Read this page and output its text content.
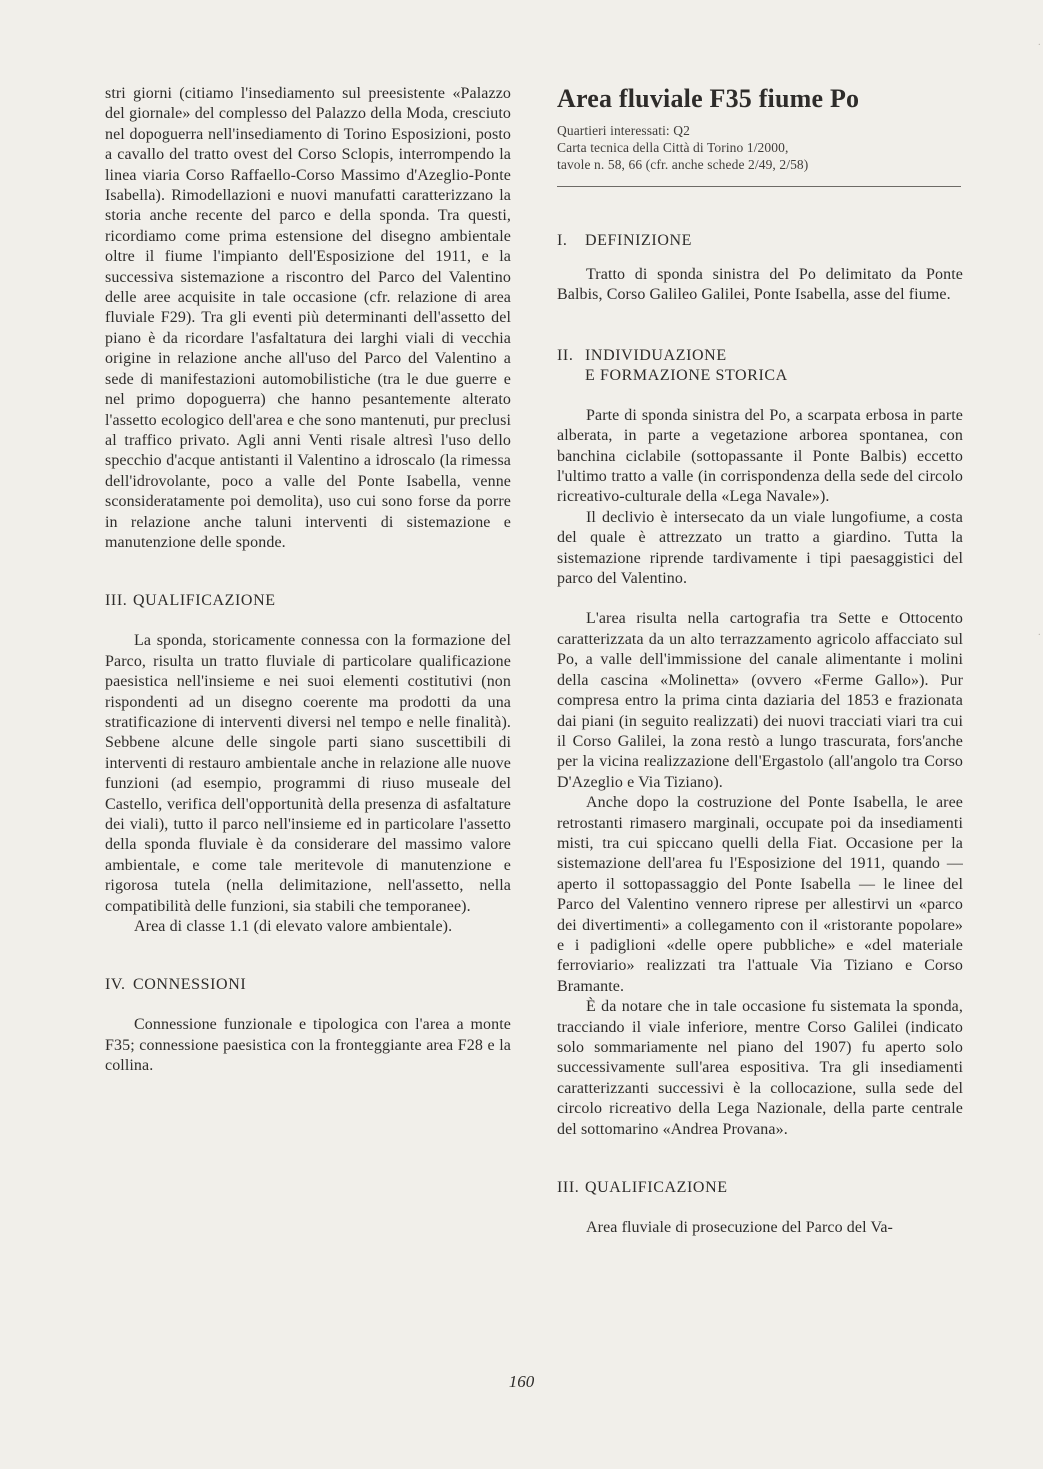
stri giorni (citiamo l'insediamento sul preesistente «Palazzo del giornale» del complesso del Palazzo della Moda, cresciuto nel dopoguerra nell'insediamento di Torino Esposizioni, posto a cavallo del tratto ovest del Corso Sclopis, interrompendo la linea viaria Corso Raffaello-Corso Massimo d'Azeglio-Ponte Isabella). Rimodellazioni e nuovi manufatti caratterizzano la storia anche recente del parco e della sponda. Tra questi, ricordiamo come prima estensione del disegno ambientale oltre il fiume l'impianto dell'Esposizione del 1911, e la successiva sistemazione a riscontro del Parco del Valentino delle aree acquisite in tale occasione (cfr. relazione di area fluviale F29). Tra gli eventi più determinanti dell'assetto del piano è da ricordare l'asfaltatura dei larghi viali di vecchia origine in relazione anche all'uso del Parco del Valentino a sede di manifestazioni automobilistiche (tra le due guerre e nel primo dopoguerra) che hanno pesantemente alterato l'assetto ecologico dell'area e che sono mantenuti, pur preclusi al traffico privato. Agli anni Venti risale altresì l'uso dello specchio d'acque antistanti il Valentino a idroscalo (la rimessa dell'idrovolante, poco a valle del Ponte Isabella, venne sconsideratamente poi demolita), uso cui sono forse da porre in relazione anche taluni interventi di sistemazione e manutenzione delle sponde.

III. QUALIFICAZIONE

La sponda, storicamente connessa con la formazione del Parco, risulta un tratto fluviale di particolare qualificazione paesistica nell'insieme e nei suoi elementi costitutivi (non rispondenti ad un disegno coerente ma prodotti da una stratificazione di interventi diversi nel tempo e nelle finalità). Sebbene alcune delle singole parti siano suscettibili di interventi di restauro ambientale anche in relazione alle nuove funzioni (ad esempio, programmi di riuso museale del Castello, verifica dell'opportunità della presenza di asfaltature dei viali), tutto il parco nell'insieme ed in particolare l'assetto della sponda fluviale è da considerare del massimo valore ambientale, e come tale meritevole di manutenzione e rigorosa tutela (nella delimitazione, nell'assetto, nella compatibilità delle funzioni, sia stabili che temporanee).

Area di classe 1.1 (di elevato valore ambientale).

IV. CONNESSIONI

Connessione funzionale e tipologica con l'area a monte F35; connessione paesistica con la fronteggiante area F28 e la collina.

Area fluviale F35 fiume Po

Quartieri interessati: Q2

Carta tecnica della Città di Torino 1/2000,

tavole n. 58, 66 (cfr. anche schede 2/49, 2/58)

I. DEFINIZIONE

Tratto di sponda sinistra del Po delimitato da Ponte Balbis, Corso Galileo Galilei, Ponte Isabella, asse del fiume.

II. INDIVIDUAZIONE
E FORMAZIONE STORICA

Parte di sponda sinistra del Po, a scarpata erbosa in parte alberata, in parte a vegetazione arborea spontanea, con banchina ciclabile (sottopassante il Ponte Balbis) eccetto l'ultimo tratto a valle (in corrispondenza della sede del circolo ricreativo-culturale della «Lega Navale»).

Il declivio è intersecato da un viale lungofiume, a costa del quale è attrezzato un tratto a giardino. Tutta la sistemazione riprende tardivamente i tipi paesaggistici del parco del Valentino.

L'area risulta nella cartografia tra Sette e Ottocento caratterizzata da un alto terrazzamento agricolo affacciato sul Po, a valle dell'immissione del canale alimentante i molini della cascina «Molinetta» (ovvero «Ferme Gallo»). Pur compresa entro la prima cinta daziaria del 1853 e frazionata dai piani (in seguito realizzati) dei nuovi tracciati viari tra cui il Corso Galilei, la zona restò a lungo trascurata, fors'anche per la vicina realizzazione dell'Ergastolo (all'angolo tra Corso D'Azeglio e Via Tiziano).

Anche dopo la costruzione del Ponte Isabella, le aree retrostanti rimasero marginali, occupate poi da insediamenti misti, tra cui spiccano quelli della Fiat. Occasione per la sistemazione dell'area fu l'Esposizione del 1911, quando — aperto il sottopassaggio del Ponte Isabella — le linee del Parco del Valentino vennero riprese per allestirvi un «parco dei divertimenti» a collegamento con il «ristorante popolare» e i padiglioni «delle opere pubbliche» e «del materiale ferroviario» realizzati tra l'attuale Via Tiziano e Corso Bramante.

È da notare che in tale occasione fu sistemata la sponda, tracciando il viale inferiore, mentre Corso Galilei (indicato solo sommariamente nel piano del 1907) fu aperto solo successivamente sull'area espositiva. Tra gli insediamenti caratterizzanti successivi è la collocazione, sulla sede del circolo ricreativo della Lega Nazionale, della parte centrale del sottomarino «Andrea Provana».

III. QUALIFICAZIONE

Area fluviale di prosecuzione del Parco del Va-

160
·
·
